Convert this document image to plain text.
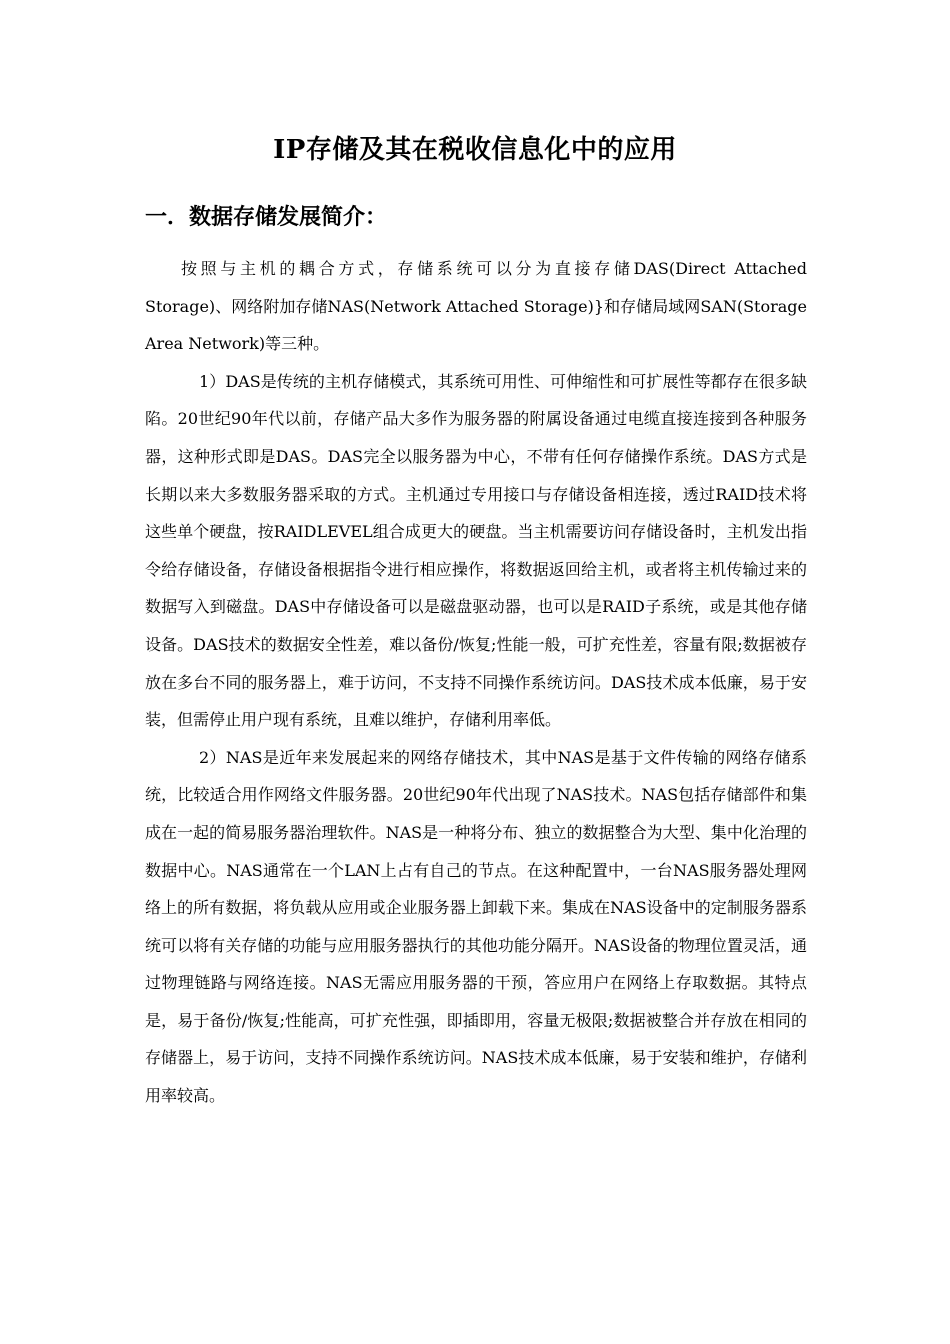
IP存储及其在税收信息化中的应用
一．数据存储发展简介：

按照与主机的耦合方式，存储系统可以分为直接存储DAS(Direct Attached Storage)、网络附加存储NAS(Network Attached Storage)}和存储局域网SAN(Storage Area Network)等三种。

1）DAS是传统的主机存储模式，其系统可用性、可伸缩性和可扩展性等都存在很多缺陷。20世纪90年代以前，存储产品大多作为服务器的附属设备通过电缆直接连接到各种服务器，这种形式即是DAS。DAS完全以服务器为中心，不带有任何存储操作系统。DAS方式是长期以来大多数服务器采取的方式。主机通过专用接口与存储设备相连接，透过RAID技术将这些单个硬盘，按RAIDLEVEL组合成更大的硬盘。当主机需要访问存储设备时，主机发出指令给存储设备，存储设备根据指令进行相应操作，将数据返回给主机，或者将主机传输过来的数据写入到磁盘。DAS中存储设备可以是磁盘驱动器，也可以是RAID子系统，或是其他存储设备。DAS技术的数据安全性差，难以备份/恢复;性能一般，可扩充性差，容量有限;数据被存放在多台不同的服务器上，难于访问，不支持不同操作系统访问。DAS技术成本低廉，易于安装，但需停止用户现有系统，且难以维护，存储利用率低。

2）NAS是近年来发展起来的网络存储技术，其中NAS是基于文件传输的网络存储系统，比较适合用作网络文件服务器。20世纪90年代出现了NAS技术。NAS包括存储部件和集成在一起的简易服务器治理软件。NAS是一种将分布、独立的数据整合为大型、集中化治理的数据中心。NAS通常在一个LAN上占有自己的节点。在这种配置中，一台NAS服务器处理网络上的所有数据，将负载从应用或企业服务器上卸载下来。集成在NAS设备中的定制服务器系统可以将有关存储的功能与应用服务器执行的其他功能分隔开。NAS设备的物理位置灵活，通过物理链路与网络连接。NAS无需应用服务器的干预，答应用户在网络上存取数据。其特点是，易于备份/恢复;性能高，可扩充性强，即插即用，容量无极限;数据被整合并存放在相同的存储器上，易于访问，支持不同操作系统访问。NAS技术成本低廉，易于安装和维护，存储利用率较高。
